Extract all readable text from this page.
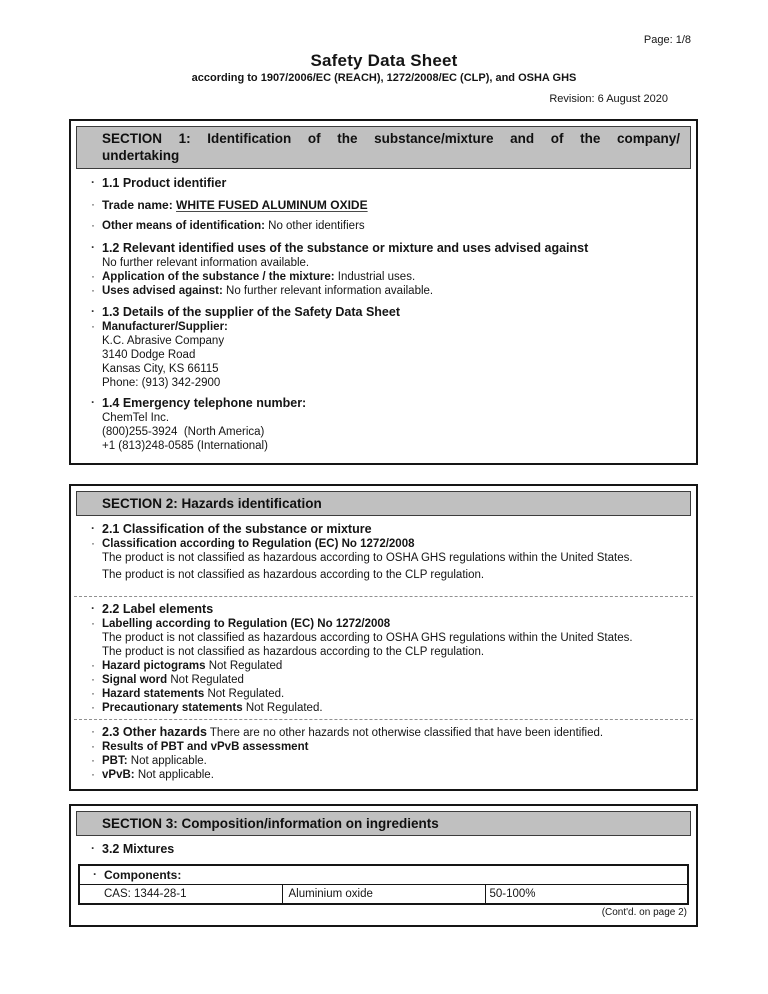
Page: 1/8
Safety Data Sheet
according to 1907/2006/EC (REACH), 1272/2008/EC (CLP), and OSHA GHS
Revision: 6 August 2020
SECTION 1: Identification of the substance/mixture and of the company/
undertaking
· 1.1 Product identifier
· Trade name: WHITE FUSED ALUMINUM OXIDE
· Other means of identification: No other identifiers
· 1.2 Relevant identified uses of the substance or mixture and uses advised against
No further relevant information available.
· Application of the substance / the mixture: Industrial uses.
· Uses advised against: No further relevant information available.
· 1.3 Details of the supplier of the Safety Data Sheet
· Manufacturer/Supplier:
K.C. Abrasive Company
3140 Dodge Road
Kansas City, KS 66115
Phone: (913) 342-2900
· 1.4 Emergency telephone number:
ChemTel Inc.
(800)255-3924  (North America)
+1 (813)248-0585 (International)
SECTION 2: Hazards identification
· 2.1 Classification of the substance or mixture
· Classification according to Regulation (EC) No 1272/2008
The product is not classified as hazardous according to OSHA GHS regulations within the United States.
The product is not classified as hazardous according to the CLP regulation.
· 2.2 Label elements
· Labelling according to Regulation (EC) No 1272/2008
The product is not classified as hazardous according to OSHA GHS regulations within the United States.
The product is not classified as hazardous according to the CLP regulation.
· Hazard pictograms Not Regulated
· Signal word Not Regulated
· Hazard statements Not Regulated.
· Precautionary statements Not Regulated.
· 2.3 Other hazards There are no other hazards not otherwise classified that have been identified.
· Results of PBT and vPvB assessment
· PBT: Not applicable.
· vPvB: Not applicable.
SECTION 3: Composition/information on ingredients
· 3.2 Mixtures
· Components:
CAS: 1344-28-1	Aluminium oxide	50-100%
(Cont'd. on page 2)
